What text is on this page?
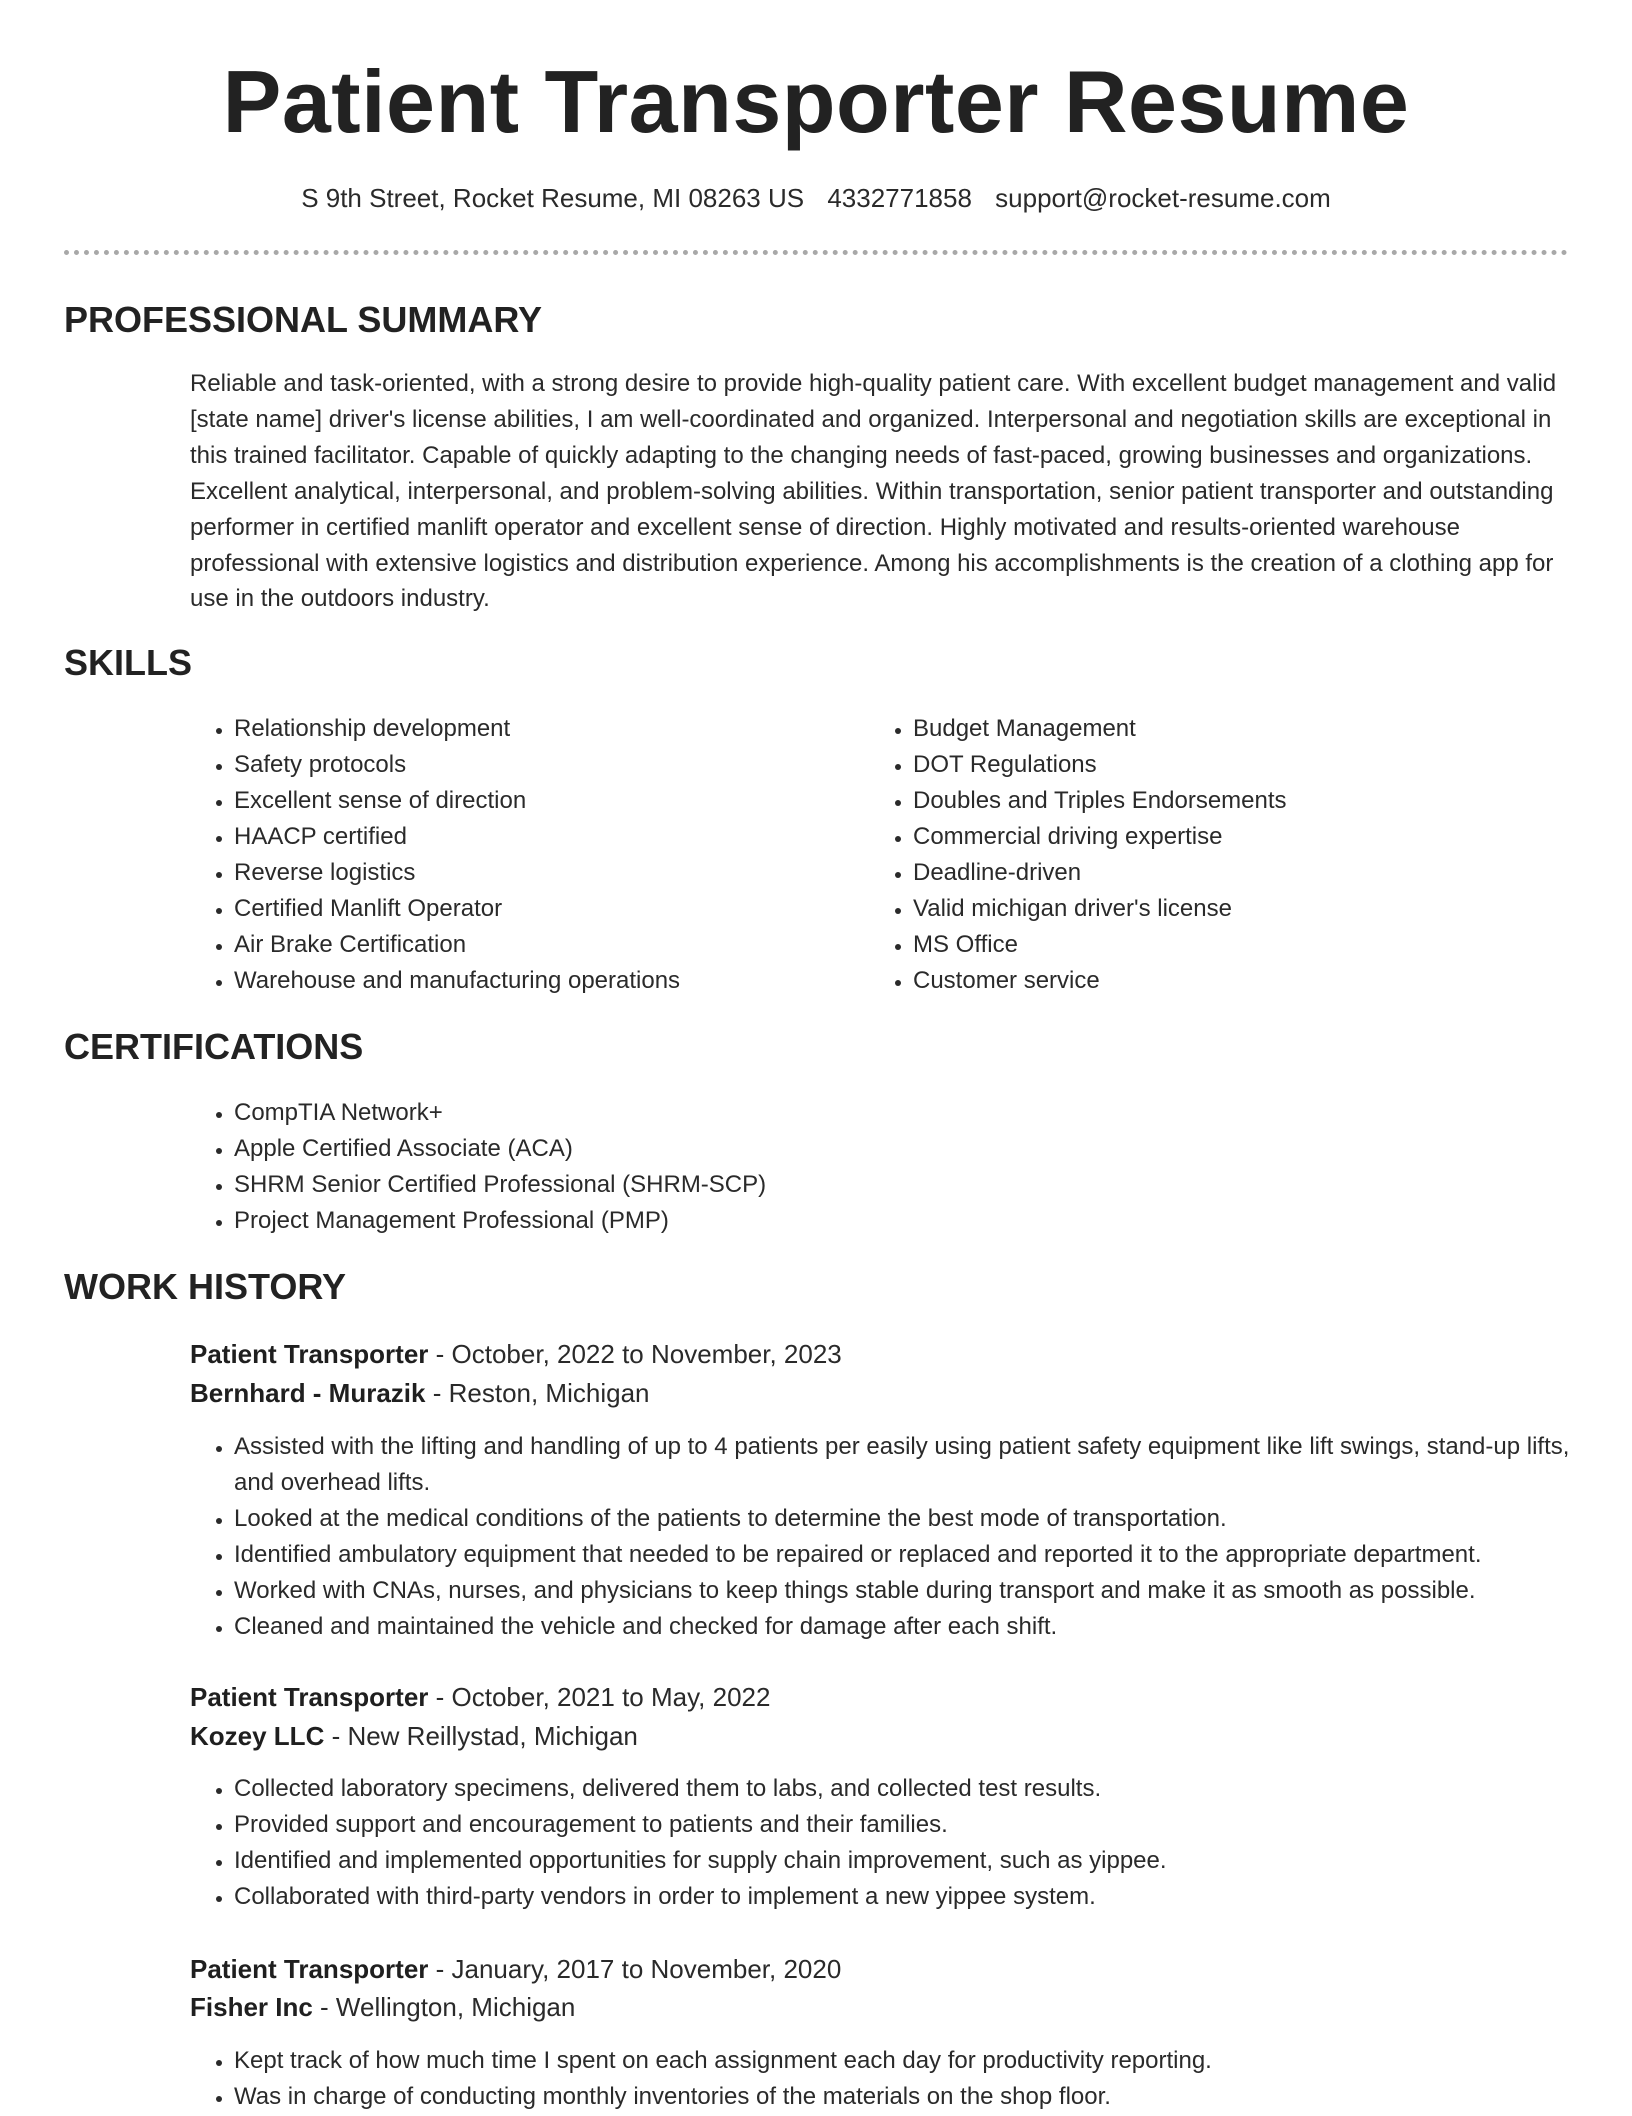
Patient Transporter Resume
S 9th Street, Rocket Resume, MI 08263 US 4332771858 support@rocket-resume.com
PROFESSIONAL SUMMARY
Reliable and task-oriented, with a strong desire to provide high-quality patient care. With excellent budget management and valid [state name] driver's license abilities, I am well-coordinated and organized. Interpersonal and negotiation skills are exceptional in this trained facilitator. Capable of quickly adapting to the changing needs of fast-paced, growing businesses and organizations. Excellent analytical, interpersonal, and problem-solving abilities. Within transportation, senior patient transporter and outstanding performer in certified manlift operator and excellent sense of direction. Highly motivated and results-oriented warehouse professional with extensive logistics and distribution experience. Among his accomplishments is the creation of a clothing app for use in the outdoors industry.
SKILLS
• Relationship development
• Safety protocols
• Excellent sense of direction
• HAACP certified
• Reverse logistics
• Certified Manlift Operator
• Air Brake Certification
• Warehouse and manufacturing operations
• Budget Management
• DOT Regulations
• Doubles and Triples Endorsements
• Commercial driving expertise
• Deadline-driven
• Valid michigan driver's license
• MS Office
• Customer service
CERTIFICATIONS
• CompTIA Network+
• Apple Certified Associate (ACA)
• SHRM Senior Certified Professional (SHRM-SCP)
• Project Management Professional (PMP)
WORK HISTORY
Patient Transporter - October, 2022 to November, 2023
Bernhard - Murazik - Reston, Michigan
• Assisted with the lifting and handling of up to 4 patients per easily using patient safety equipment like lift swings, stand-up lifts, and overhead lifts.
• Looked at the medical conditions of the patients to determine the best mode of transportation.
• Identified ambulatory equipment that needed to be repaired or replaced and reported it to the appropriate department.
• Worked with CNAs, nurses, and physicians to keep things stable during transport and make it as smooth as possible.
• Cleaned and maintained the vehicle and checked for damage after each shift.
Patient Transporter - October, 2021 to May, 2022
Kozey LLC - New Reillystad, Michigan
• Collected laboratory specimens, delivered them to labs, and collected test results.
• Provided support and encouragement to patients and their families.
• Identified and implemented opportunities for supply chain improvement, such as yippee.
• Collaborated with third-party vendors in order to implement a new yippee system.
Patient Transporter - January, 2017 to November, 2020
Fisher Inc - Wellington, Michigan
• Kept track of how much time I spent on each assignment each day for productivity reporting.
• Was in charge of conducting monthly inventories of the materials on the shop floor.
